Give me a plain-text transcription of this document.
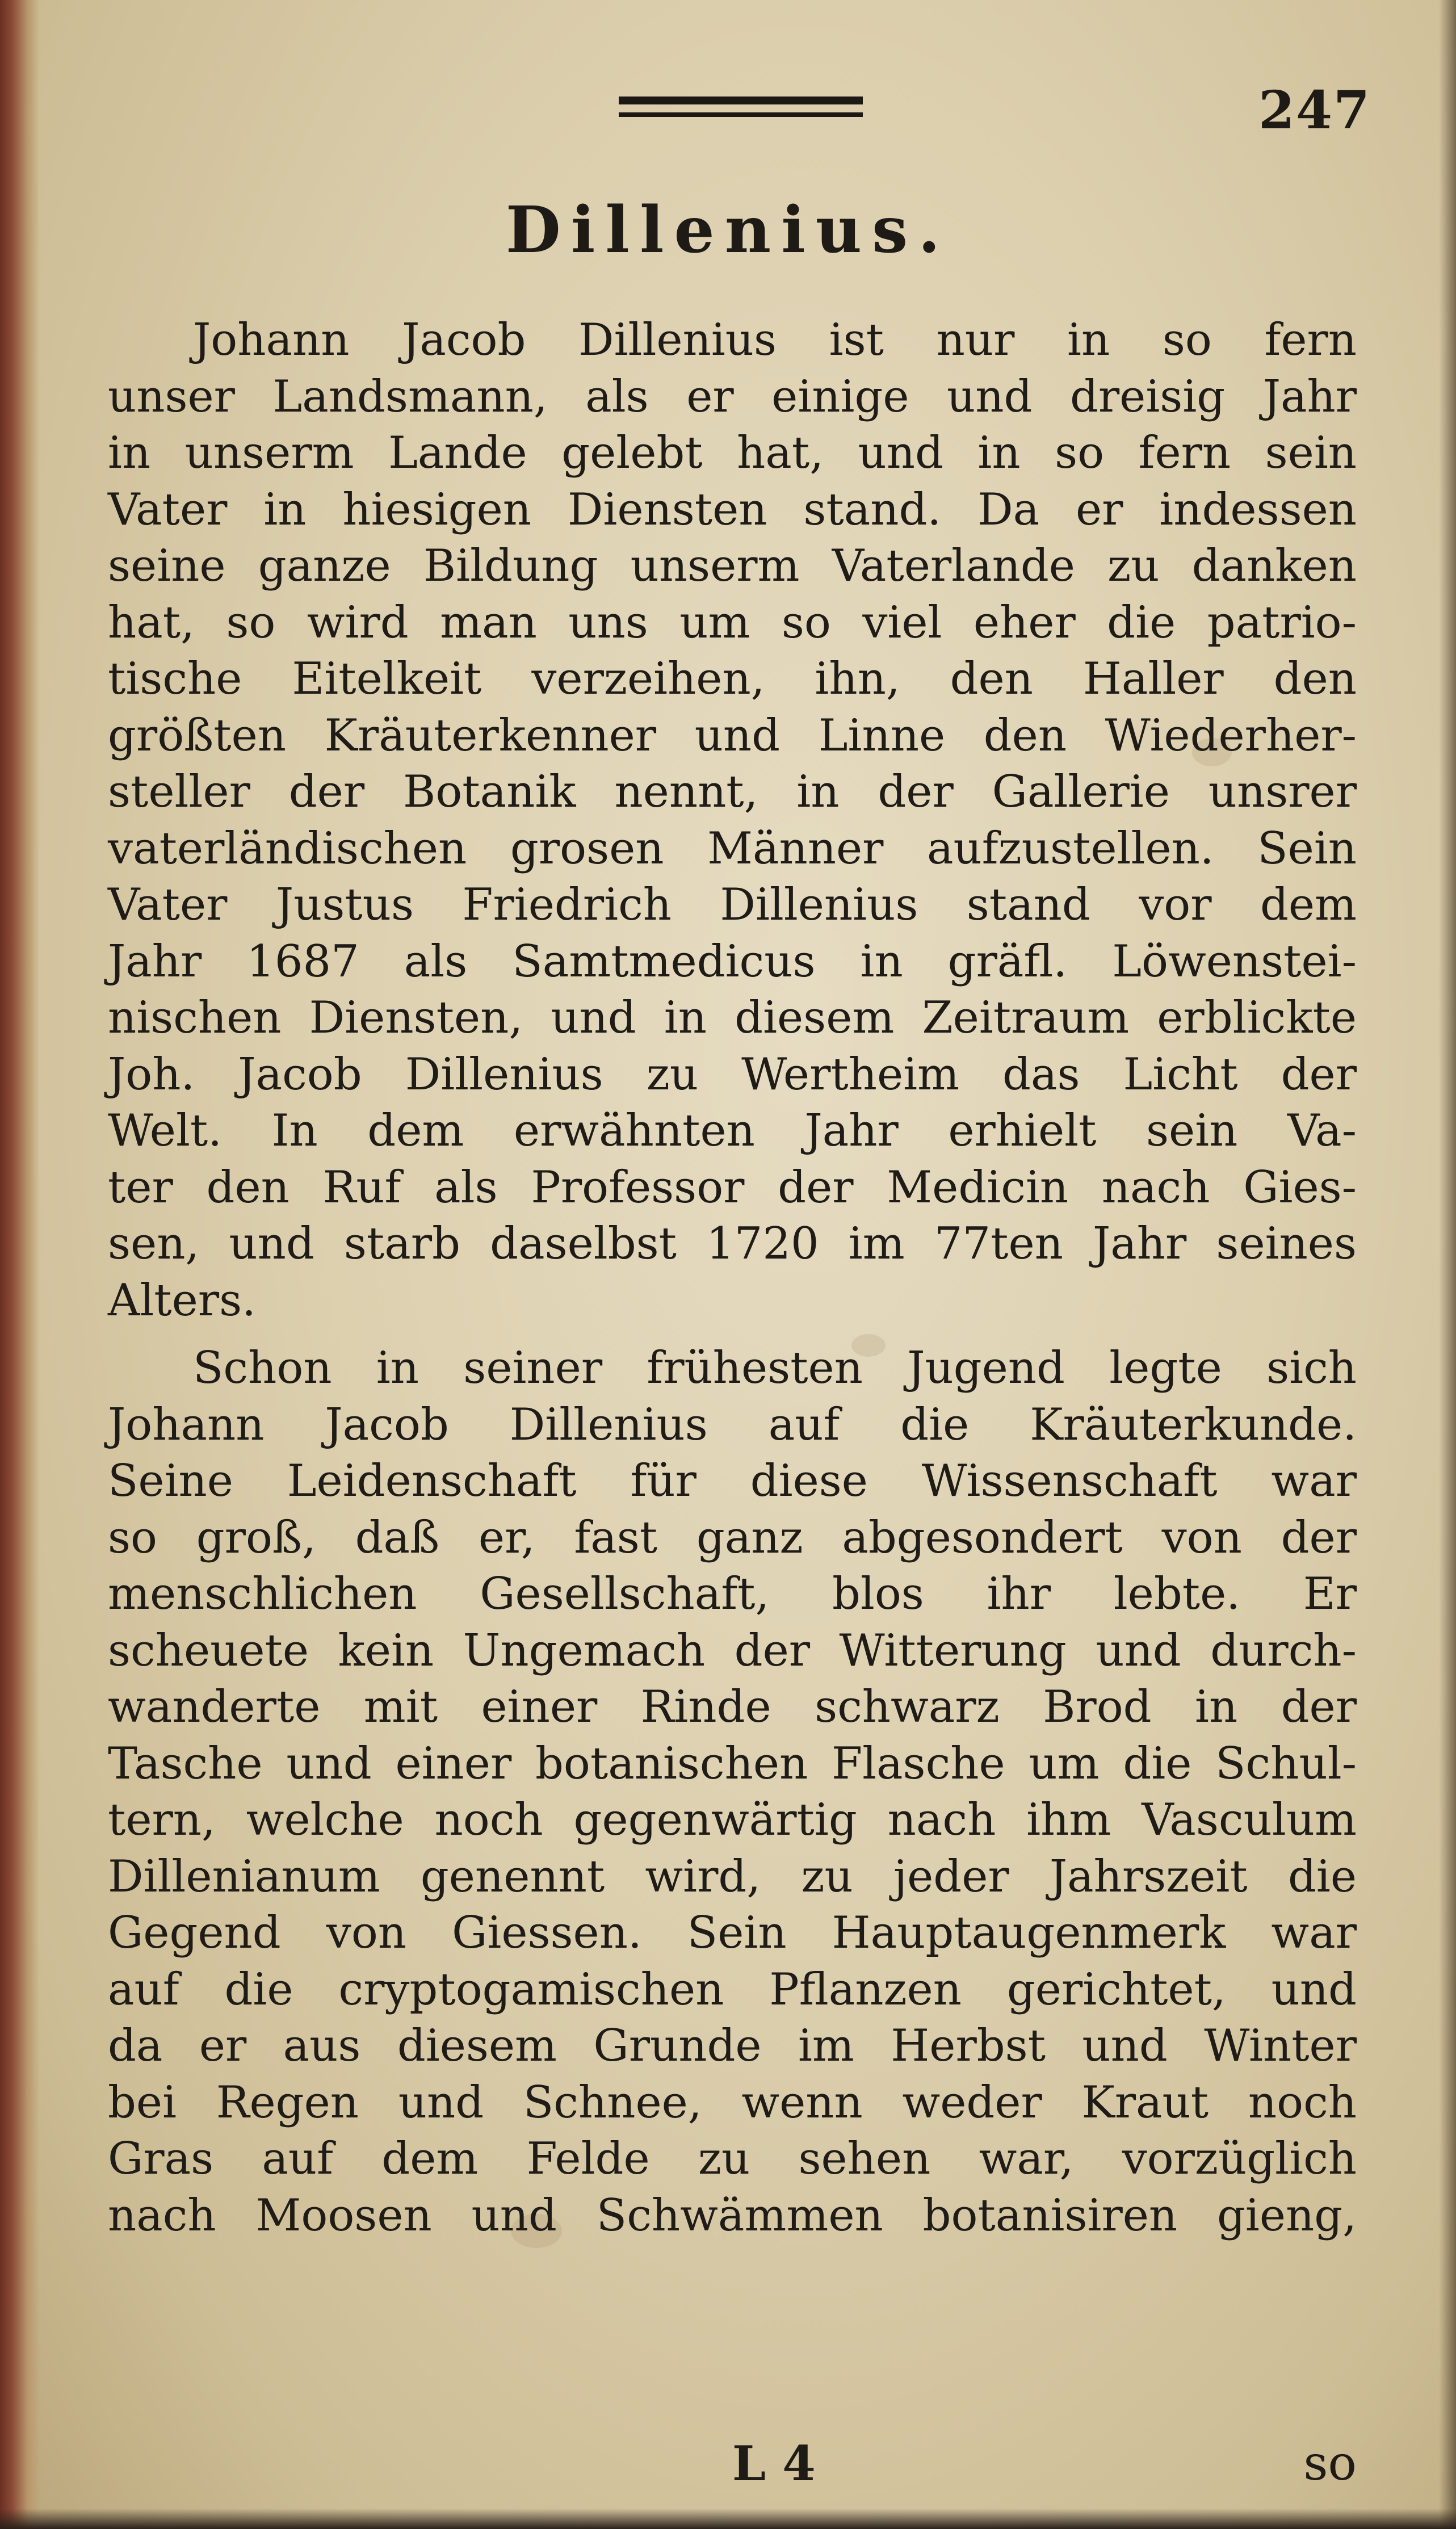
247
Dillenius.

Johann Jacob Dillenius ist nur in so fern
unser Landsmann, als er einige und dreisig Jahr
in unserm Lande gelebt hat, und in so fern sein
Vater in hiesigen Diensten stand. Da er indessen
seine ganze Bildung unserm Vaterlande zu danken
hat, so wird man uns um so viel eher die patrio-
tische Eitelkeit verzeihen, ihn, den Haller den
größten Kräuterkenner und Linne den Wiederher-
steller der Botanik nennt, in der Gallerie unsrer
vaterländischen grosen Männer aufzustellen. Sein
Vater Justus Friedrich Dillenius stand vor dem
Jahr 1687 als Samtmedicus in gräfl. Löwenstei-
nischen Diensten, und in diesem Zeitraum erblickte
Joh. Jacob Dillenius zu Wertheim das Licht der
Welt. In dem erwähnten Jahr erhielt sein Va-
ter den Ruf als Professor der Medicin nach Gies-
sen, und starb daselbst 1720 im 77ten Jahr seines
Alters.

Schon in seiner frühesten Jugend legte sich
Johann Jacob Dillenius auf die Kräuterkunde.
Seine Leidenschaft für diese Wissenschaft war
so groß, daß er, fast ganz abgesondert von der
menschlichen Gesellschaft, blos ihr lebte. Er
scheuete kein Ungemach der Witterung und durch-
wanderte mit einer Rinde schwarz Brod in der
Tasche und einer botanischen Flasche um die Schul-
tern, welche noch gegenwärtig nach ihm Vasculum
Dillenianum genennt wird, zu jeder Jahrszeit die
Gegend von Giessen. Sein Hauptaugenmerk war
auf die cryptogamischen Pflanzen gerichtet, und
da er aus diesem Grunde im Herbst und Winter
bei Regen und Schnee, wenn weder Kraut noch
Gras auf dem Felde zu sehen war, vorzüglich
nach Moosen und Schwämmen botanisiren gieng,

L 4	so
